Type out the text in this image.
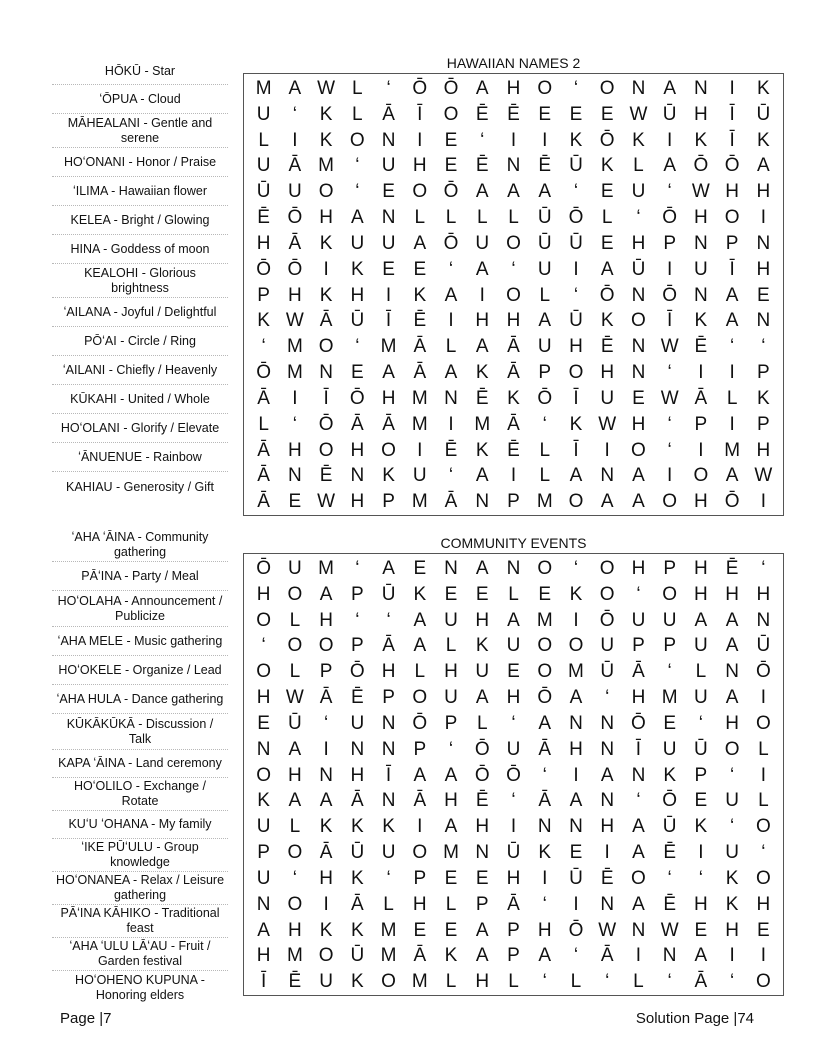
HŌKŪ - Star
ʻŌPUA - Cloud
MĀHEALANI - Gentle and serene
HOʻONANI - Honor / Praise
ʻILIMA - Hawaiian flower
KELEA - Bright / Glowing
HINA - Goddess of moon
KEALOHI - Glorious brightness
ʻAILANA - Joyful / Delightful
PŌʻAI - Circle / Ring
ʻAILANI - Chiefly / Heavenly
KŪKAHI - United / Whole
HOʻOLANI - Glorify / Elevate
ʻĀNUENUE - Rainbow
KAHIAU - Generosity / Gift
HAWAIIAN NAMES 2
M A W L	‘	Ō Ō A H O	‘	O N A N	I	K
U	‘	K	L	Ā	Ī	O Ē Ē E E E W Ū H	Ī	Ū
L	I	K O N	I	E	‘	I	I	K Ō K	I	K	Ī	K
U Ā M	‘	U H E Ē N Ē Ū K	L	A Ō Ō A
Ū U O	‘	E O Ō A A A	‘	E U	‘	W H H
Ē Ō H A N	L	L	L	L	Ū Ō L	‘	Ō H O	I
H Ā K U U A Ō U O Ū Ū E H P N P N
Ō Ō	I	K E E	‘	A	‘	U	I	A Ū	I	U	Ī	H
P H K H	I	K A	I	O L	‘	Ō N Ō N A E
K W Ā Ū	Ī	Ē	I	H H A Ū K O	Ī	K A N
‘	M O	‘	M Ā	L	A Ā U H Ē N W Ē	‘	‘
Ō M N E A Ā A K Ā P O H N	‘	I	I	P
Ā	I	Ī	Ō H M N Ē K Ō	Ī	U E W Ā	L	K
L	‘	Ō Ā Ā M	I	M Ā	‘	K W H	‘	P	I	P
Ā H O H O	I	Ē K Ē	L	Ī	I	O	‘	I	M H
Ā N Ē N K U	‘	A	I	L	A N A	I	O A W
Ā E W H P M Ā N P M O A A O H Ō	I
ʻAHA ʻĀINA - Community gathering
PĀʻINA - Party / Meal
HOʻOLAHA - Announcement / Publicize
ʻAHA MELE - Music gathering
HOʻOKELE - Organize / Lead
ʻAHA HULA - Dance gathering
KŪKĀKŪKĀ - Discussion / Talk
KAPA ʻĀINA - Land ceremony
HOʻOLILO - Exchange / Rotate
KUʻU ʻOHANA - My family
ʻIKE PŪʻULU - Group knowledge
HOʻONANEA - Relax / Leisure gathering
PĀʻINA KĀHIKO - Traditional feast
ʻAHA ʻULU LĀʻAU - Fruit / Garden festival
HOʻOHENO KUPUNA - Honoring elders
COMMUNITY EVENTS
Ō U M	‘	A E N A N O	‘	O H P H Ē	‘
H O A P Ū K E E	L	E K O	‘	O H H H
O L	H	‘	‘	A U H A M	I	Ō U U A A N
‘	O O P Ā A	L	K U O O U P P U A Ū
O L	P Ō H	L	H U E O M Ū Ā	‘	L	N Ō
H W Ā Ē P O U A H Ō A	‘	H M U A	I
E Ū	‘	U N Ō P	L	‘	A N N Ō E	‘	H O
N A	I	N N P	‘	Ō U Ā H N	Ī	U Ū O L
O H N H	Ī	A A Ō Ō	‘	I	A N K P	‘	I
K A A Ā N Ā H Ē	‘	Ā A N	‘	Ō E U	L
U	L	K K K	I	A H	I	N N H A Ū K	‘	O
P O Ā Ū U O M N Ū K E	I	A Ē	I	U	‘
U	‘	H K	‘	P E E H	I	Ū Ē O	‘	‘	K O
N O	I	Ā	L	H	L	P Ā	‘	I	N A Ē H K H
A H K K M E E A P H Ō W N W E H E
H M O Ū M Ā K A P A	‘	Ā	I	N A	I	I
Ī	Ē U K O M L	H	L	‘	L	‘	L	‘	Ā	‘	O
Page |7	Solution Page |74
